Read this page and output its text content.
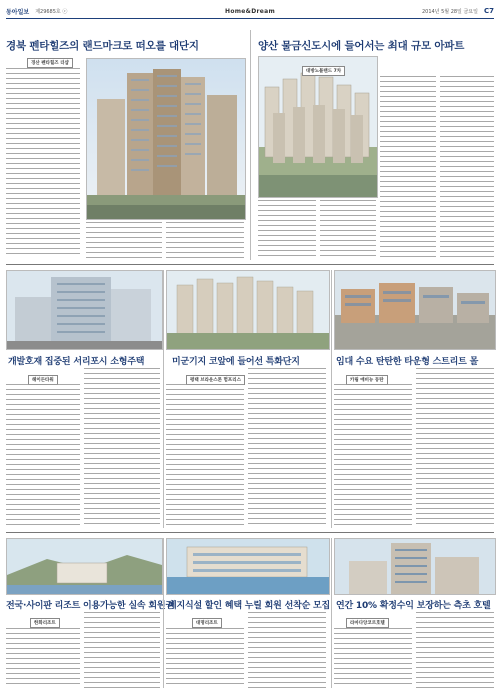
동아일보 제29685호 ⓒ	Home&Dream	2014년 5월 28일 금요일 C7
경북 펜타힐즈의 랜드마크로 떠오를 대단지
경산 펜타힐즈 더샵
양산 물금신도시에 들어서는 최대 규모 아파트
대방노블랜드 7차
개발호재 집중된 서리포시 소형주택	미군기지 코앞에 들어선 특화단지	임대 수요 탄탄한 타운형 스트리트 몰
헤이든타워	평택 브라운스톤 험프리스	카림 애비뉴 동탄
전국·사이판 리조트 이용가능한 실속 회원권
페지식설 할인 혜택 누릴 회원 선착순 모집 연간 10% 확정수익 보장하는 측초 호텔
한화리조트	대명리조트	라마다앙코르호텔
